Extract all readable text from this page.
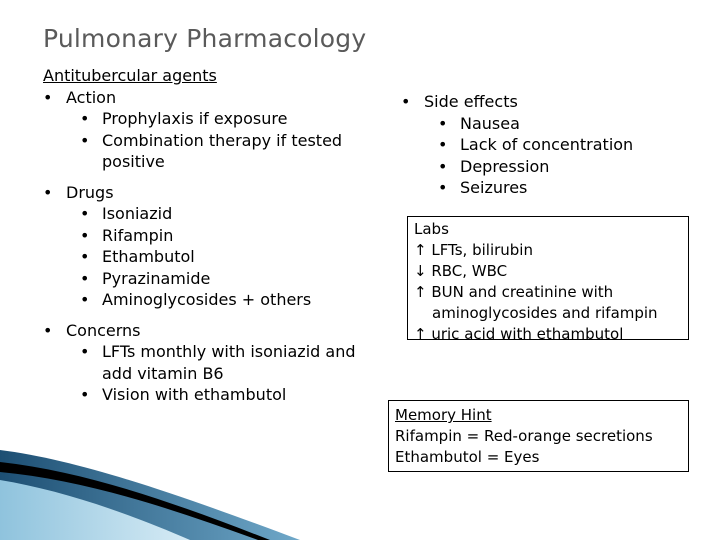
Pulmonary Pharmacology
Antitubercular agents
• Action
• Prophylaxis if exposure
• Combination therapy if tested positive
• Drugs
• Isoniazid
• Rifampin
• Ethambutol
• Pyrazinamide
• Aminoglycosides + others
• Concerns
• LFTs monthly with isoniazid and add vitamin B6
• Vision with ethambutol
• Side effects
• Nausea
• Lack of concentration
• Depression
• Seizures
Labs
↑ LFTs, bilirubin
↓ RBC, WBC
↑ BUN and creatinine with
aminoglycosides and rifampin
↑ uric acid with ethambutol
Memory Hint
Rifampin = Red-orange secretions
Ethambutol = Eyes
